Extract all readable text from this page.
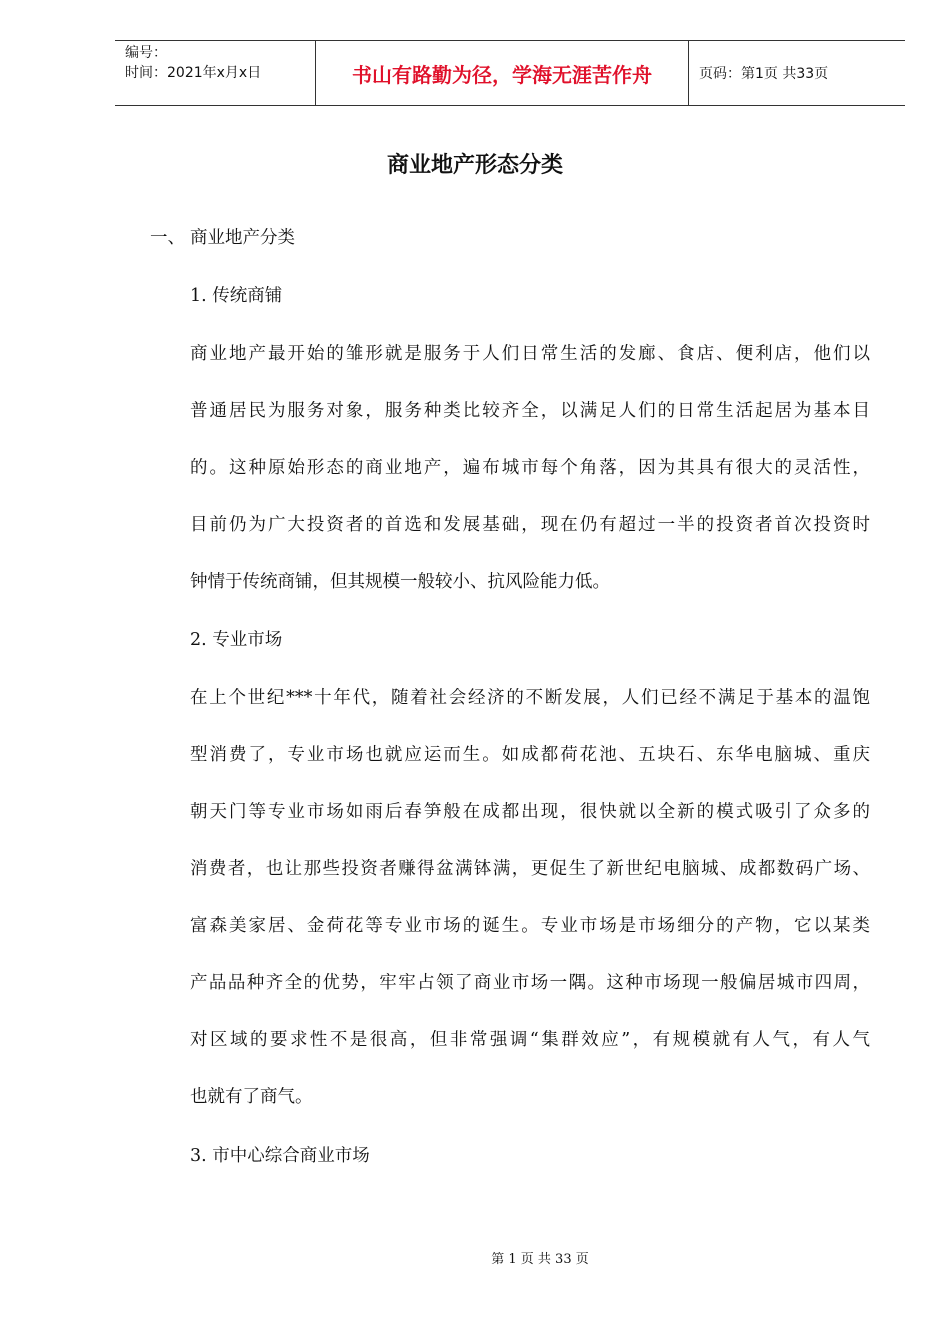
编号：
时间：2021年x月x日	书山有路勤为径，学海无涯苦作舟	页码：第1页 共33页
商业地产形态分类
一、 商业地产分类
1. 传统商铺
商业地产最开始的雏形就是服务于人们日常生活的发廊、食店、便利店，他们以
普通居民为服务对象，服务种类比较齐全，以满足人们的日常生活起居为基本目
的。这种原始形态的商业地产，遍布城市每个角落，因为其具有很大的灵活性，
目前仍为广大投资者的首选和发展基础，现在仍有超过一半的投资者首次投资时
钟情于传统商铺，但其规模一般较小、抗风险能力低。
2. 专业市场
在上个世纪***十年代，随着社会经济的不断发展，人们已经不满足于基本的温饱
型消费了，专业市场也就应运而生。如成都荷花池、五块石、东华电脑城、重庆
朝天门等专业市场如雨后春笋般在成都出现，很快就以全新的模式吸引了众多的
消费者，也让那些投资者赚得盆满钵满，更促生了新世纪电脑城、成都数码广场、
富森美家居、金荷花等专业市场的诞生。专业市场是市场细分的产物，它以某类
产品品种齐全的优势，牢牢占领了商业市场一隅。这种市场现一般偏居城市四周，
对区域的要求性不是很高，但非常强调“集群效应”，有规模就有人气，有人气
也就有了商气。
3. 市中心综合商业市场
第 1 页 共 33 页
